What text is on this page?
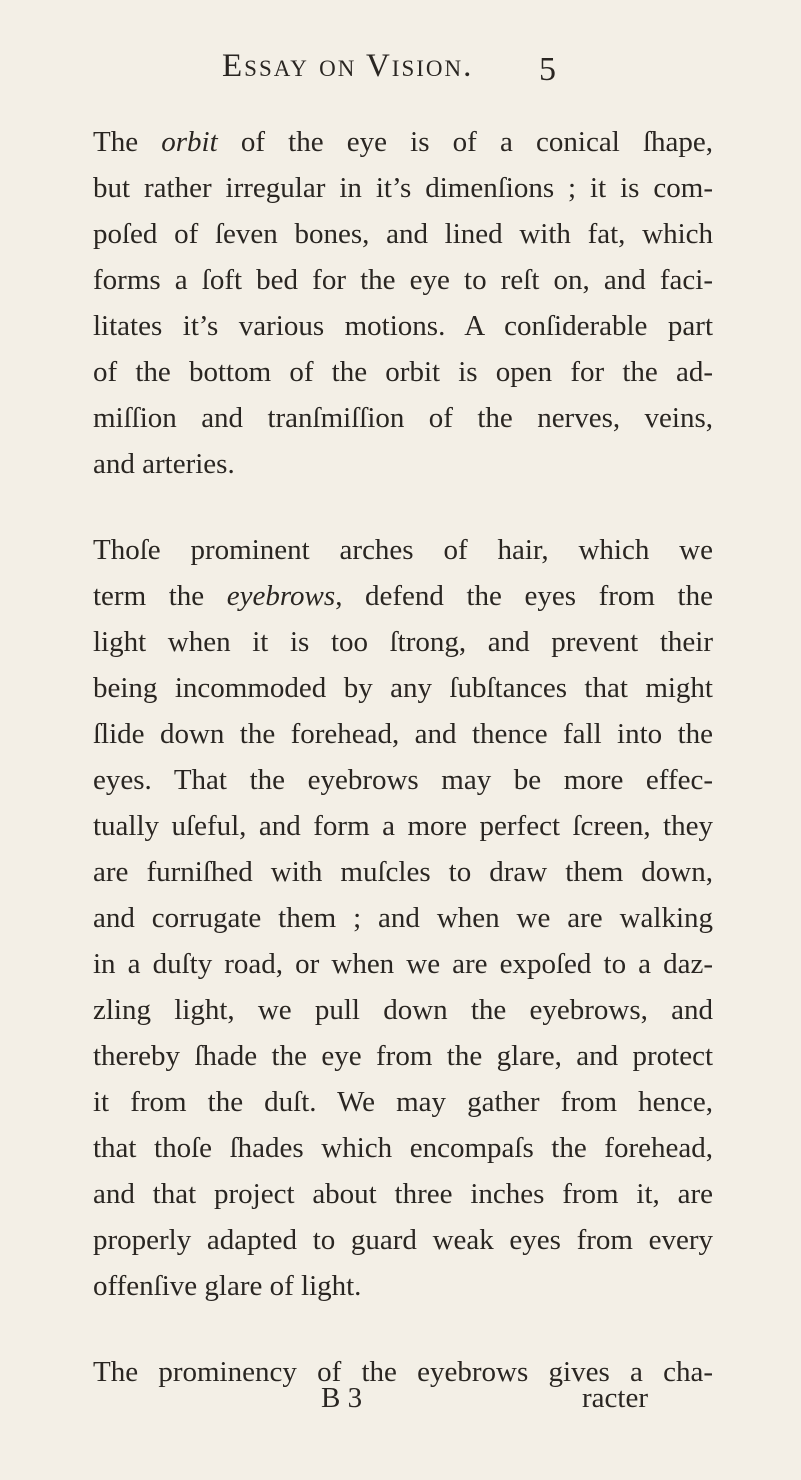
Essay on Vision. 5
The orbit of the eye is of a conical ſhape,
but rather irregular in it’s dimenſions ; it is com-
poſed of ſeven bones, and lined with fat, which
forms a ſoft bed for the eye to reſt on, and faci-
litates it’s various motions. A conſiderable part
of the bottom of the orbit is open for the ad-
miſſion and tranſmiſſion of the nerves, veins,
and arteries.
Thoſe prominent arches of hair, which we
term the eyebrows, defend the eyes from the
light when it is too ſtrong, and prevent their
being incommoded by any ſubſtances that might
ſlide down the forehead, and thence fall into the
eyes. That the eyebrows may be more effec-
tually uſeful, and form a more perfect ſcreen, they
are furniſhed with muſcles to draw them down,
and corrugate them ; and when we are walking
in a duſty road, or when we are expoſed to a daz-
zling light, we pull down the eyebrows, and
thereby ſhade the eye from the glare, and protect
it from the duſt. We may gather from hence,
that thoſe ſhades which encompaſs the forehead,
and that project about three inches from it, are
properly adapted to guard weak eyes from every
offenſive glare of light.
The prominency of the eyebrows gives a cha-
B 3	racter
